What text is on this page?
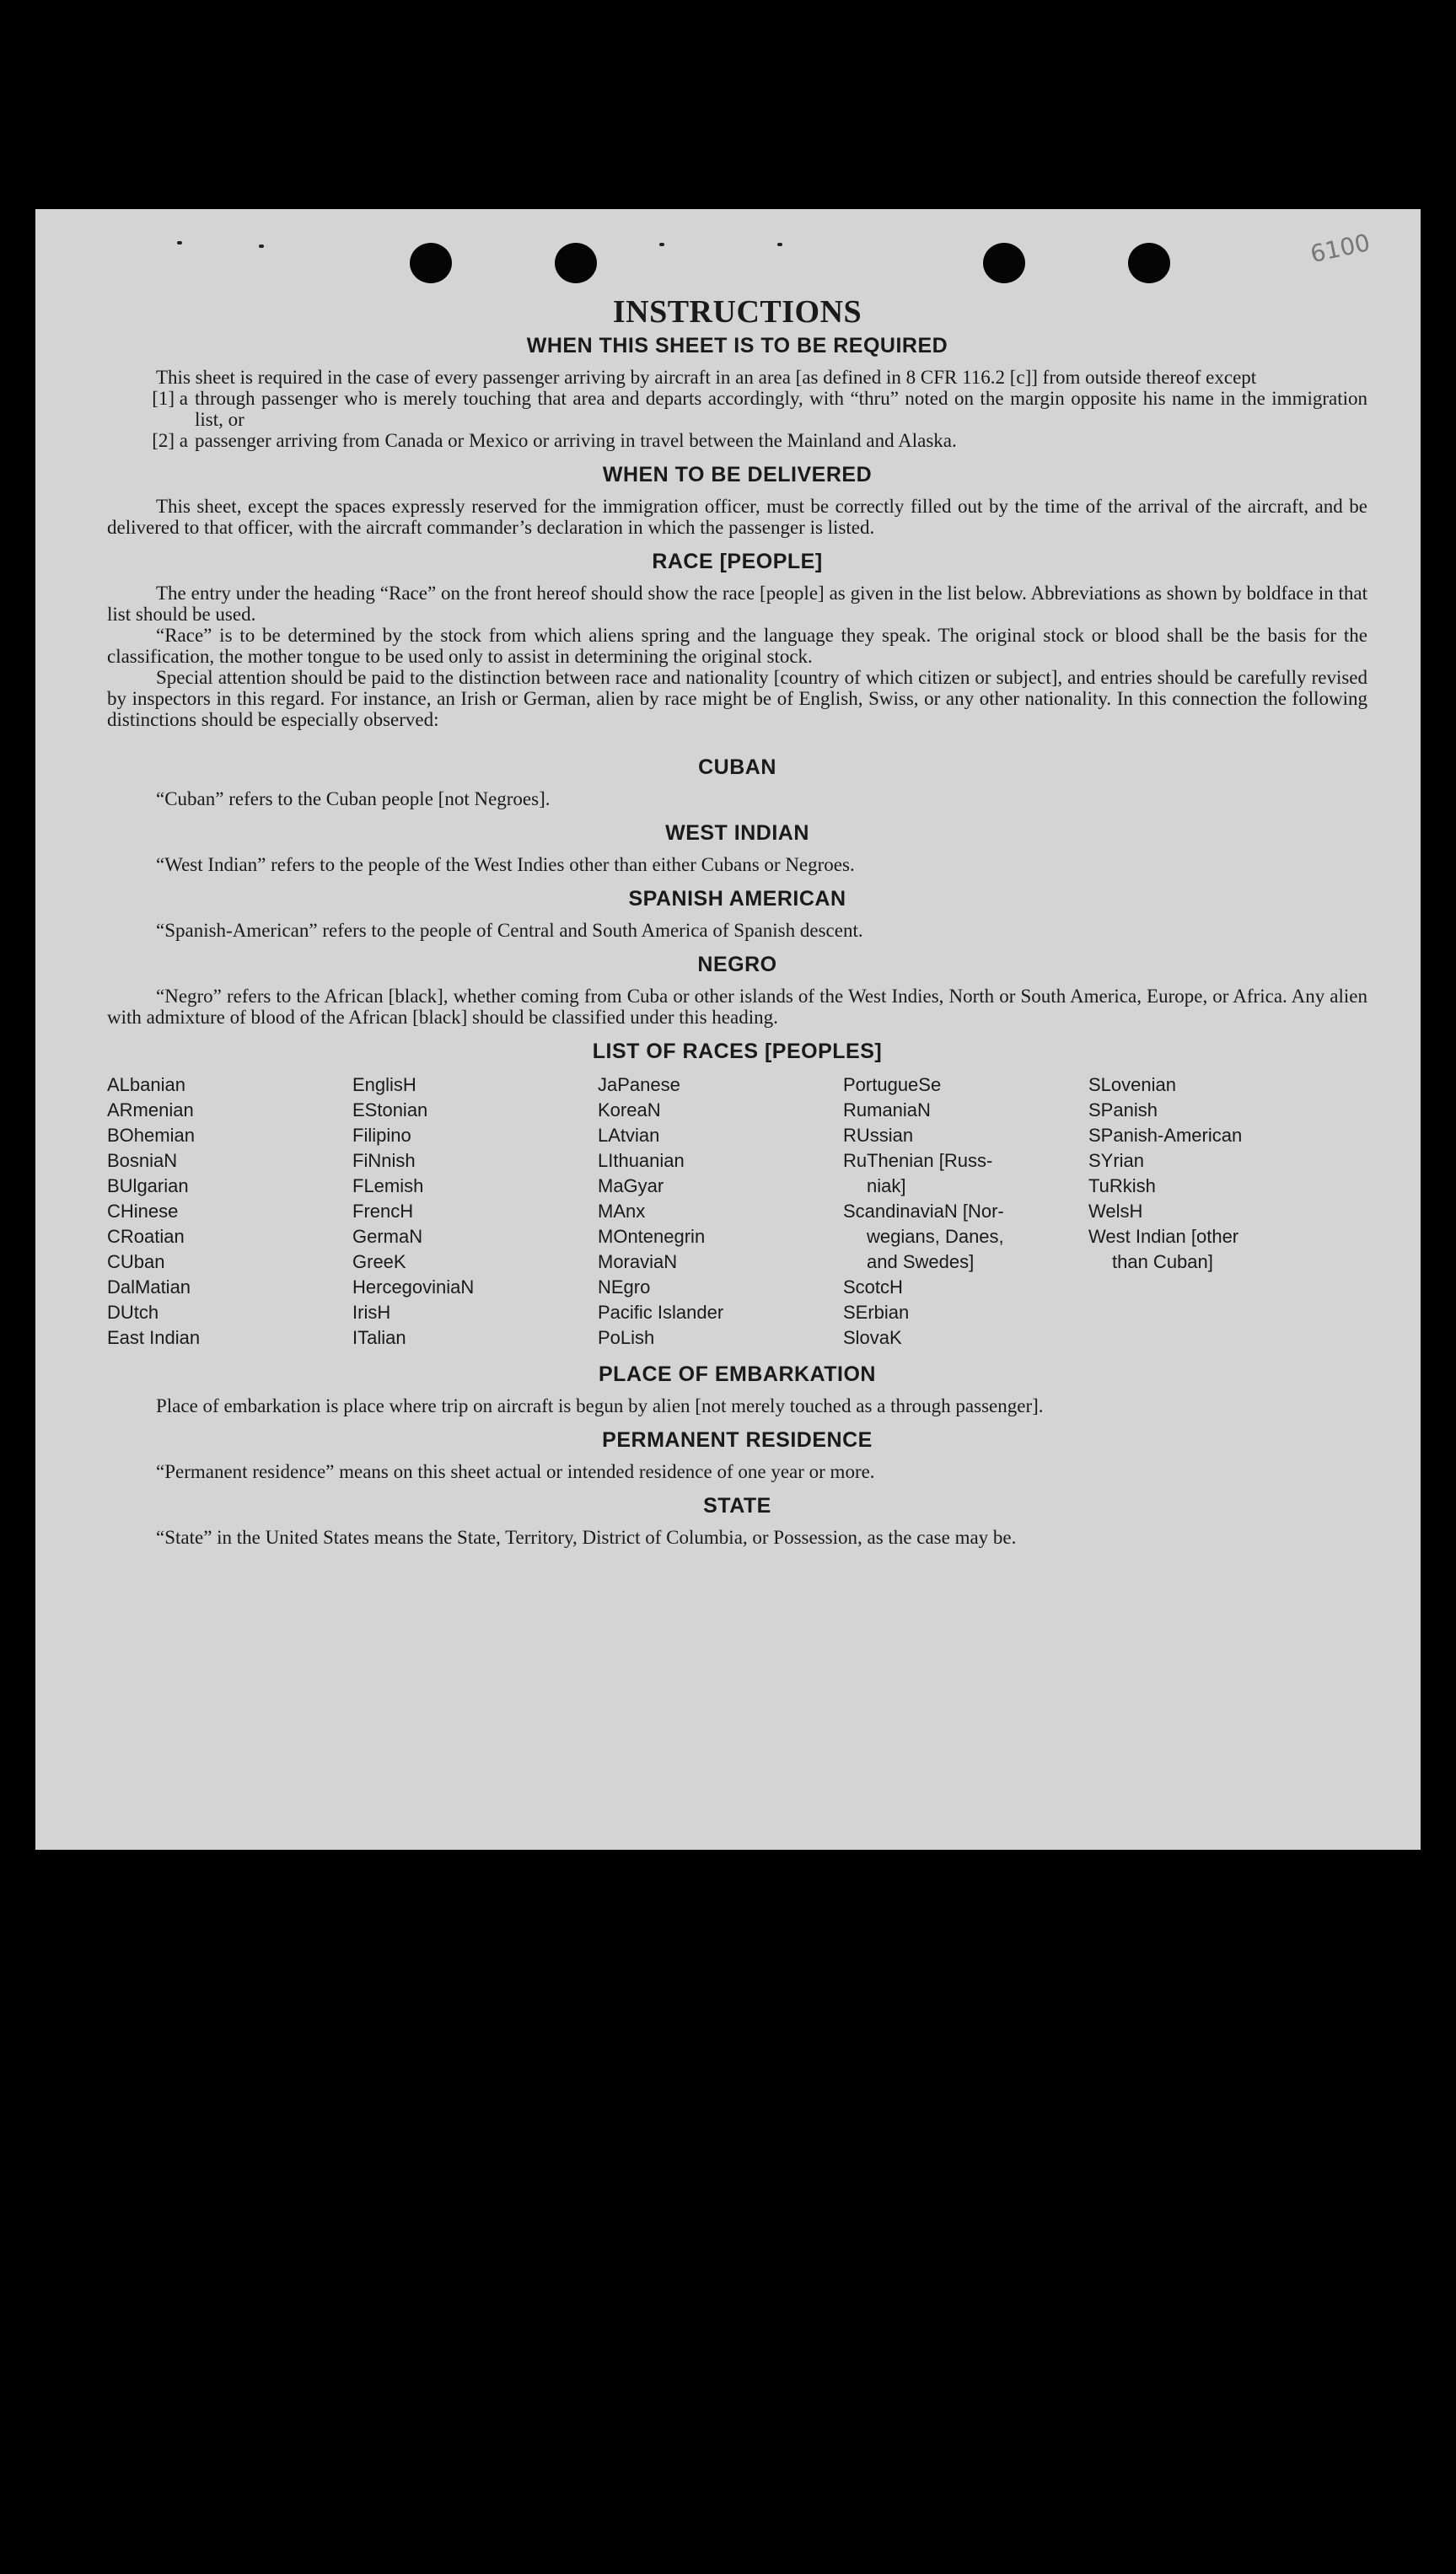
6100
INSTRUCTIONS
WHEN THIS SHEET IS TO BE REQUIRED

This sheet is required in the case of every passenger arriving by aircraft in an area [as defined in 8 CFR 116.2 [c]] from outside thereof except

[1] a through passenger who is merely touching that area and departs accordingly, with “thru” noted on the margin opposite his name in the immigration list, or
[2] a passenger arriving from Canada or Mexico or arriving in travel between the Mainland and Alaska.
WHEN TO BE DELIVERED

This sheet, except the spaces expressly reserved for the immigration officer, must be correctly filled out by the time of the arrival of the aircraft, and be delivered to that officer, with the aircraft commander’s declaration in which the passenger is listed.

RACE [PEOPLE]

The entry under the heading “Race” on the front hereof should show the race [people] as given in the list below. Abbreviations as shown by boldface in that list should be used.

“Race” is to be determined by the stock from which aliens spring and the language they speak. The original stock or blood shall be the basis for the classification, the mother tongue to be used only to assist in determining the original stock.

Special attention should be paid to the distinction between race and nationality [country of which citizen or subject], and entries should be carefully revised by inspectors in this regard. For instance, an Irish or German, alien by race might be of English, Swiss, or any other nationality. In this connection the following distinctions should be especially observed:

CUBAN

“Cuban” refers to the Cuban people [not Negroes].

WEST INDIAN

“West Indian” refers to the people of the West Indies other than either Cubans or Negroes.

SPANISH AMERICAN

“Spanish-American” refers to the people of Central and South America of Spanish descent.

NEGRO

“Negro” refers to the African [black], whether coming from Cuba or other islands of the West Indies, North or South America, Europe, or Africa. Any alien with admixture of blood of the African [black] should be classified under this heading.

LIST OF RACES [PEOPLES]
ALbanian
ARmenian
BOhemian
BosniaN
BUlgarian
CHinese
CRoatian
CUban
DalMatian
DUtch
East Indian
EnglisH
EStonian
Filipino
FiNnish
FLemish
FrencH
GermaN
GreeK
HercegoviniaN
IrisH
ITalian
JaPanese
KoreaN
LAtvian
LIthuanian
MaGyar
MAnx
MOntenegrin
MoraviaN
NEgro
Pacific Islander
PoLish
PortugueSe
RumaniaN
RUssian
RuThenian [Russ-
niak]
ScandinaviaN [Nor-
wegians, Danes,
and Swedes]
ScotcH
SErbian
SlovaK
SLovenian
SPanish
SPanish-American
SYrian
TuRkish
WelsH
West Indian [other
than Cuban]
PLACE OF EMBARKATION

Place of embarkation is place where trip on aircraft is begun by alien [not merely touched as a through passenger].

PERMANENT RESIDENCE

“Permanent residence” means on this sheet actual or intended residence of one year or more.

STATE

“State” in the United States means the State, Territory, District of Columbia, or Possession, as the case may be.
